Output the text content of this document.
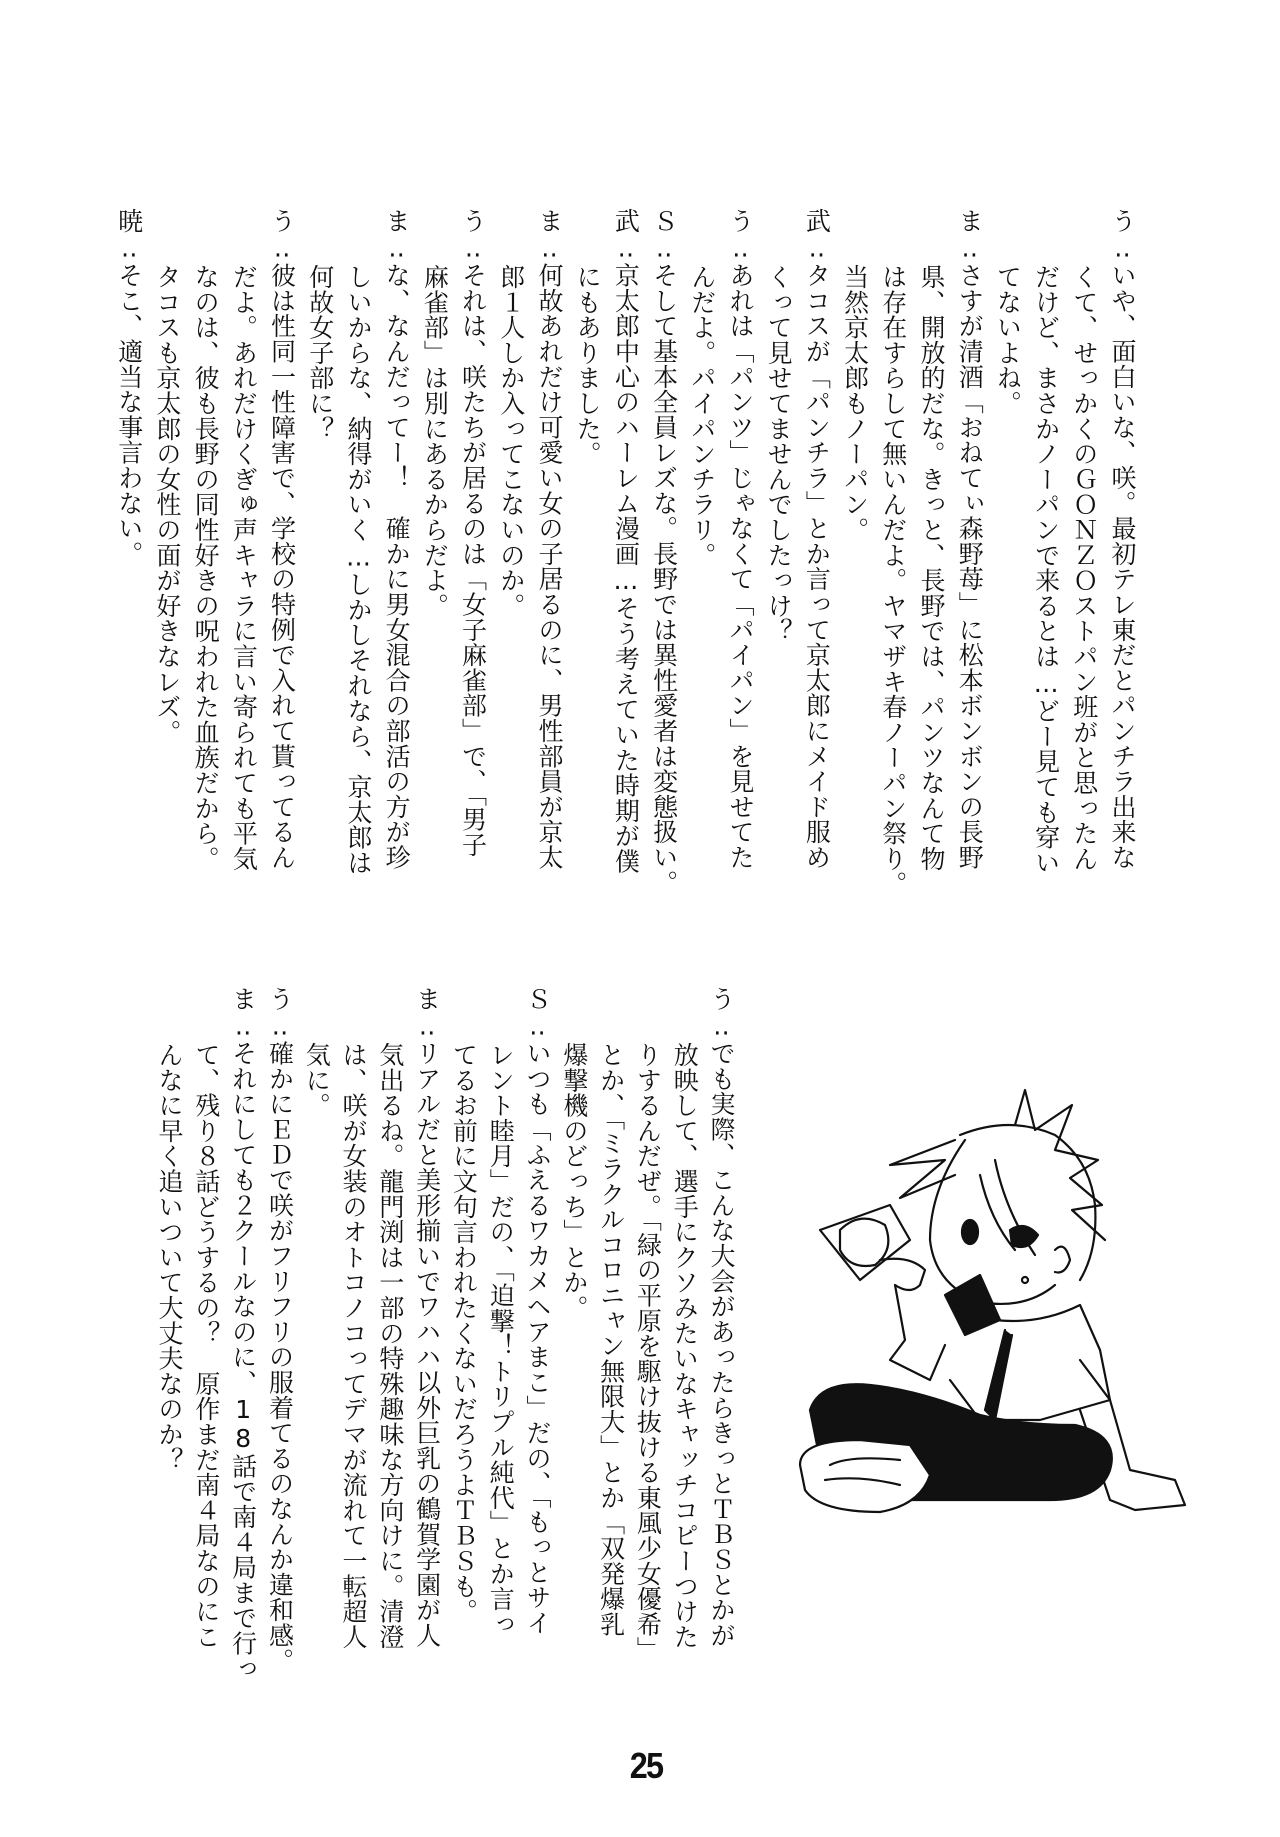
う‥いや、面白いな、咲。最初テレ東だとパンチラ出来な
くて、せっかくのＧＯＮＺＯストパン班がと思ったん
だけど、まさかノーパンで来るとは…どー見ても穿い
てないよね。
ま‥さすが清酒「おねてぃ森野苺」に松本ボンボンの長野
県、開放的だな。きっと、長野では、パンツなんて物
は存在すらして無いんだよ。ヤマザキ春ノーパン祭り。
当然京太郎もノーパン。
武‥タコスが「パンチラ」とか言って京太郎にメイド服め
くって見せてませんでしたっけ？
う‥あれは「パンツ」じゃなくて「パイパン」を見せてた
んだよ。パイパンチラリ。
Ｓ‥そして基本全員レズな。長野では異性愛者は変態扱い。
武‥京太郎中心のハーレム漫画…そう考えていた時期が僕
にもありました。
ま‥何故あれだけ可愛い女の子居るのに、男性部員が京太
郎１人しか入ってこないのか。
う‥それは、咲たちが居るのは「女子麻雀部」で、「男子
麻雀部」は別にあるからだよ。
ま‥な、なんだってー！　確かに男女混合の部活の方が珍
しいからな、納得がいく…しかしそれなら、京太郎は
何故女子部に？
う‥彼は性同一性障害で、学校の特例で入れて貰ってるん
だよ。あれだけくぎゅ声キャラに言い寄られても平気
なのは、彼も長野の同性好きの呪われた血族だから。
タコスも京太郎の女性の面が好きなレズ。
暁‥そこ、適当な事言わない。
う‥でも実際、こんな大会があったらきっとＴＢＳとかが
放映して、選手にクソみたいなキャッチコピーつけた
りするんだぜ。「緑の平原を駆け抜ける東風少女優希」
とか、「ミラクルコロニャン無限大」とか「双発爆乳
爆撃機のどっち」とか。
Ｓ‥いつも「ふえるワカメヘアまこ」だの、「もっとサイ
レント睦月」だの、「迫撃！トリプル純代」とか言っ
てるお前に文句言われたくないだろうよＴＢＳも。
ま‥リアルだと美形揃いでワハハ以外巨乳の鶴賀学園が人
気出るね。龍門渕は一部の特殊趣味な方向けに。清澄
は、咲が女装のオトコノコってデマが流れて一転超人
気に。
う‥確かにＥＤで咲がフリフリの服着てるのなんか違和感。
ま‥それにしても２クールなのに、18話で南４局まで行っ
て、残り８話どうするの？　原作まだ南４局なのにこ
んなに早く追いついて大丈夫なのか？
25
